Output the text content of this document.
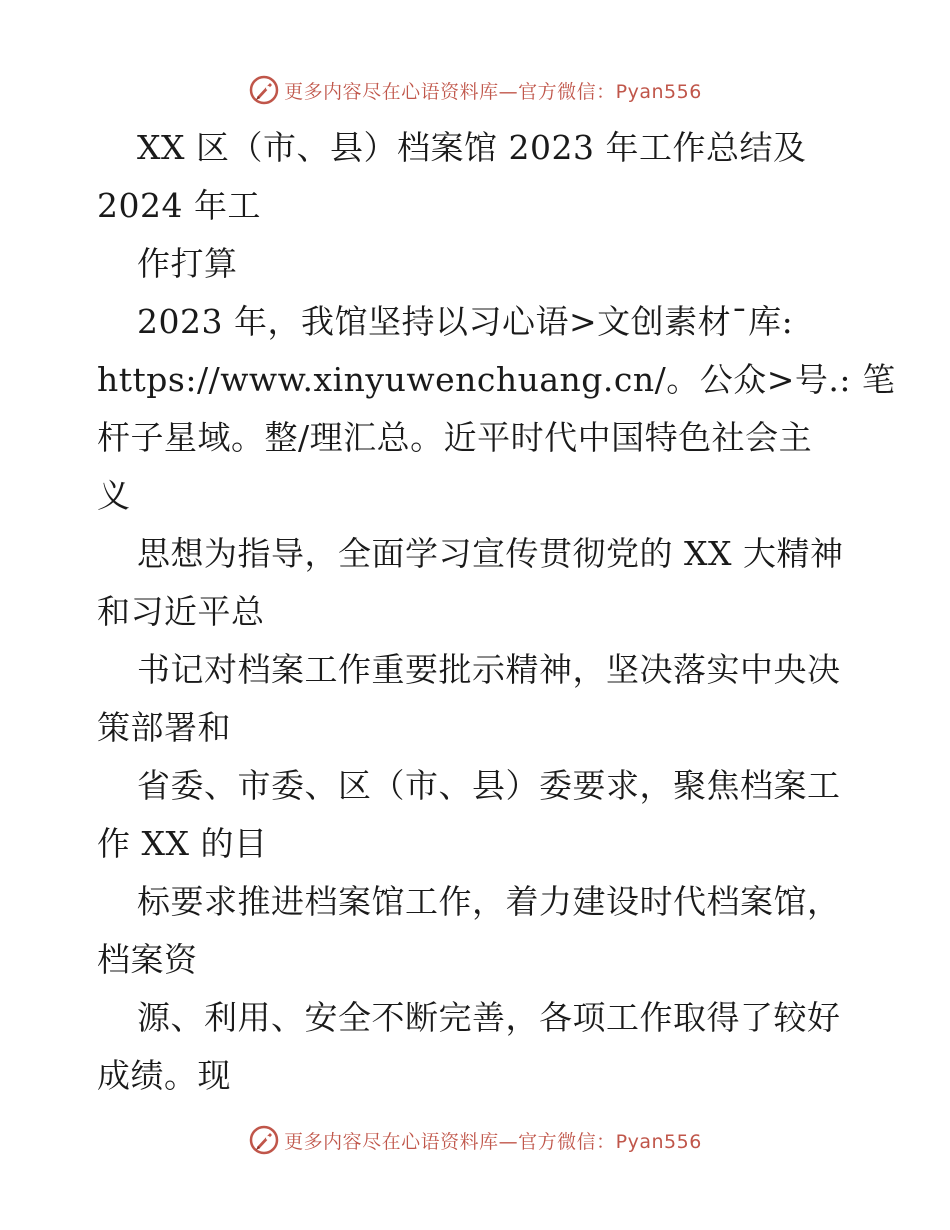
更多内容尽在心语资料库—官方微信：Pyan556
XX 区（市、县）档案馆 2023 年工作总结及
2024 年工
作打算
2023 年，我馆坚持以习心语>文创素材¯库:
https://www.xinyuwenchuang.cn/。公众>号.: 笔
杆子星域。整/理汇总。近平时代中国特色社会主
义
思想为指导，全面学习宣传贯彻党的 XX 大精神
和习近平总
书记对档案工作重要批示精神，坚决落实中央决
策部署和
省委、市委、区（市、县）委要求，聚焦档案工
作 XX 的目
标要求推进档案馆工作，着力建设时代档案馆，
档案资
源、利用、安全不断完善，各项工作取得了较好
成绩。现
更多内容尽在心语资料库—官方微信：Pyan556
